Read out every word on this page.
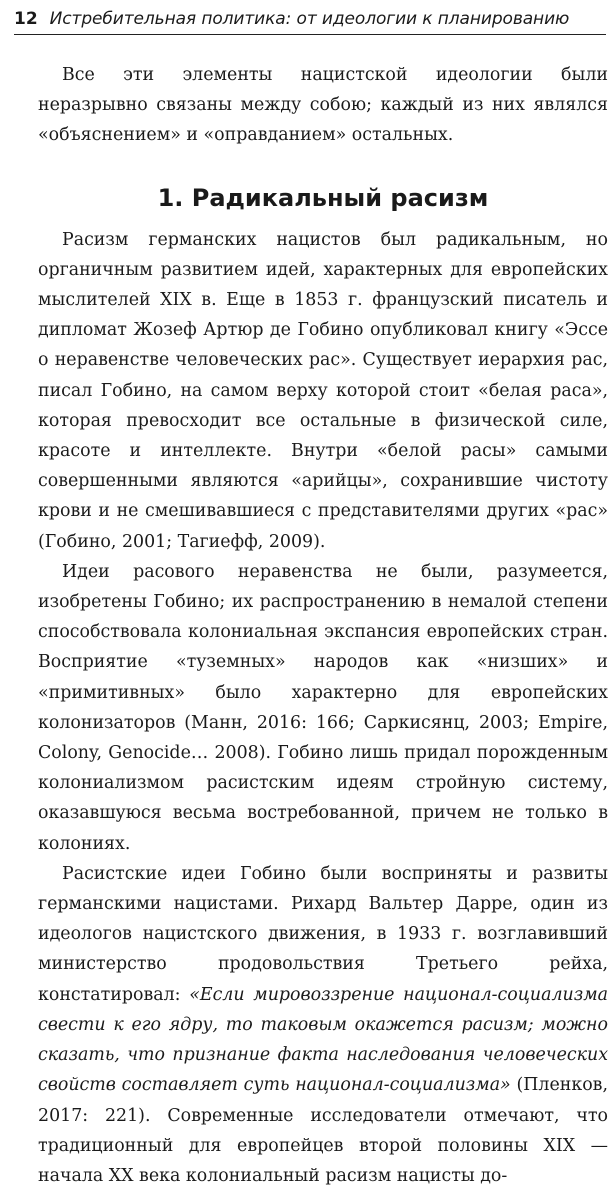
12 Истребительная политика: от идеологии к планированию

Все эти элементы нацистской идеологии были неразрывно связаны между собою; каждый из них являлся «объяснением» и «оправданием» остальных.

1. Радикальный расизм

Расизм германских нацистов был радикальным, но органичным развитием идей, характерных для европейских мыслителей XIX в. Еще в 1853 г. французский писатель и дипломат Жозеф Артюр де Гобино опубликовал книгу «Эссе о неравенстве человеческих рас». Существует иерархия рас, писал Гобино, на самом верху которой стоит «белая раса», которая превосходит все остальные в физической силе, красоте и интеллекте. Внутри «белой расы» самыми совершенными являются «арийцы», сохранившие чистоту крови и не смешивавшиеся с представителями других «рас» (Гобино, 2001; Тагиефф, 2009).

Идеи расового неравенства не были, разумеется, изобретены Гобино; их распространению в немалой степени способствовала колониальная экспансия европейских стран. Восприятие «туземных» народов как «низших» и «примитивных» было характерно для европейских колонизаторов (Манн, 2016: 166; Саркисянц, 2003; Empire, Colony, Genocide… 2008). Гобино лишь придал порожденным колониализмом расистским идеям стройную систему, оказавшуюся весьма востребованной, причем не только в колониях.

Расистские идеи Гобино были восприняты и развиты германскими нацистами. Рихард Вальтер Дарре, один из идеологов нацистского движения, в 1933 г. возглавивший министерство продовольствия Третьего рейха, констатировал: «Если мировоззрение национал-социализма свести к его ядру, то таковым окажется расизм; можно сказать, что признание факта наследования человеческих свойств составляет суть национал-социализма» (Пленков, 2017: 221). Современные исследователи отмечают, что традиционный для европейцев второй половины XIX — начала XX века колониальный расизм нацисты до-
